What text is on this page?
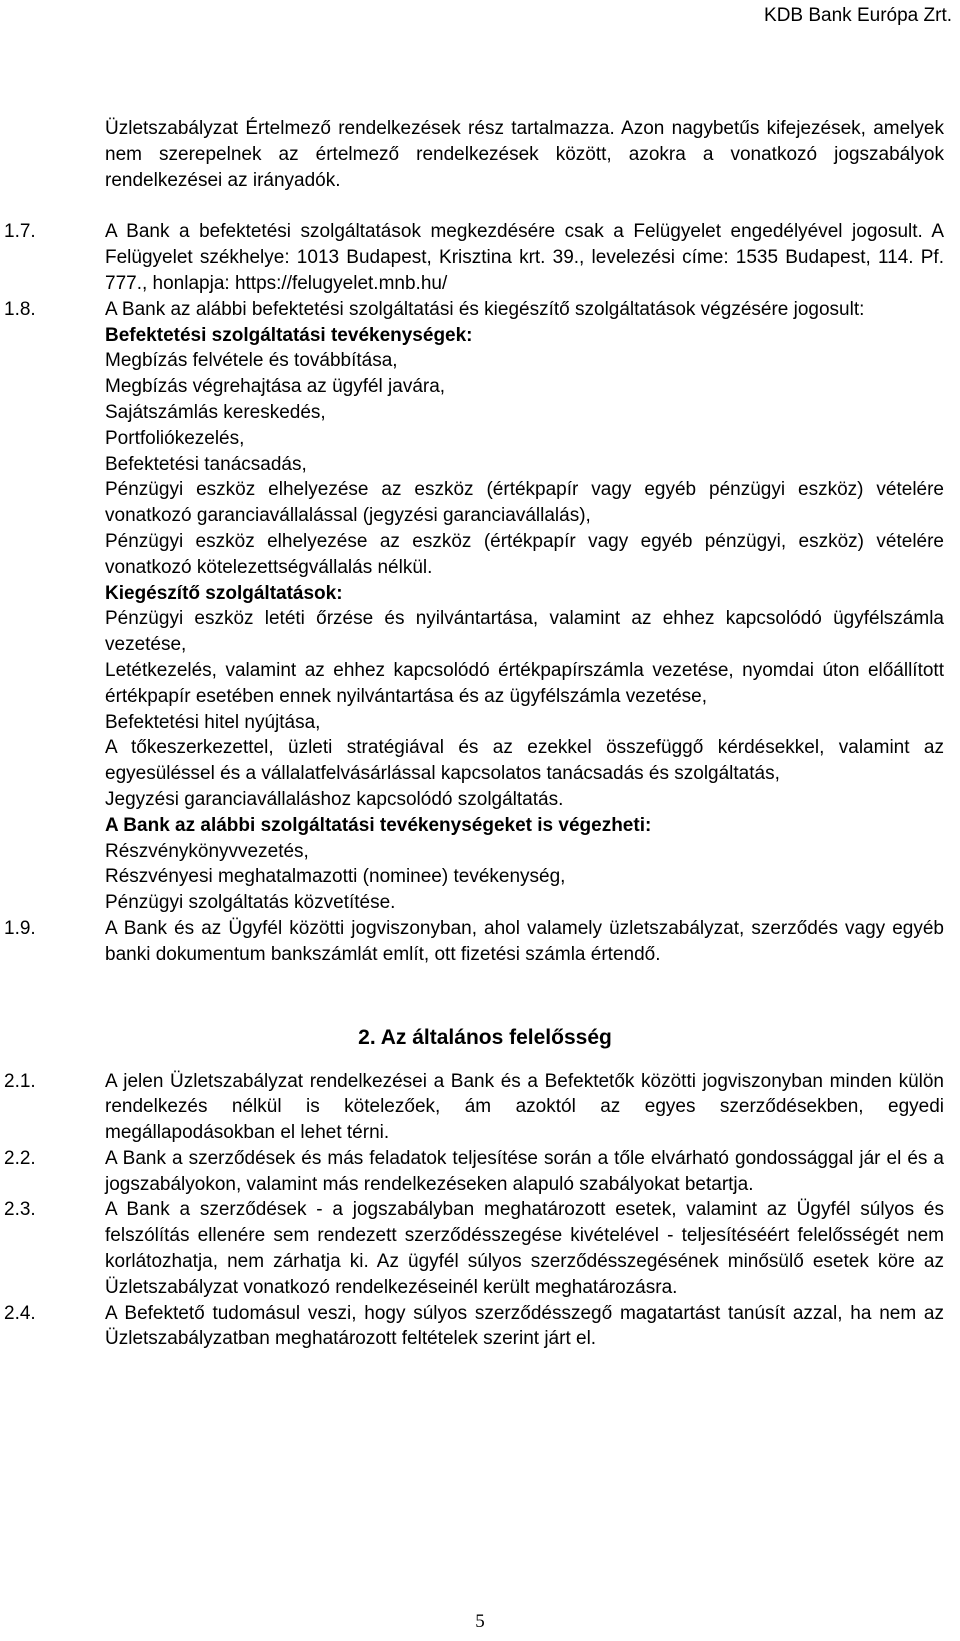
KDB Bank Európa Zrt.
Üzletszabályzat Értelmező rendelkezések rész tartalmazza. Azon nagybetűs kifejezések, amelyek nem szerepelnek az értelmező rendelkezések között, azokra a vonatkozó jogszabályok rendelkezései az irányadók.
1.7.	A Bank a befektetési szolgáltatások megkezdésére csak a Felügyelet engedélyével jogosult. A Felügyelet székhelye: 1013 Budapest, Krisztina krt. 39., levelezési címe: 1535 Budapest, 114. Pf. 777., honlapja: https://felugyelet.mnb.hu/
1.8.	A Bank az alábbi befektetési szolgáltatási és kiegészítő szolgáltatások végzésére jogosult:
Befektetési szolgáltatási tevékenységek:
Megbízás felvétele és továbbítása,
Megbízás végrehajtása az ügyfél javára,
Sajátszámlás kereskedés,
Portfoliókezelés,
Befektetési tanácsadás,
Pénzügyi eszköz elhelyezése az eszköz (értékpapír vagy egyéb pénzügyi eszköz) vételére vonatkozó garanciavállalással (jegyzési garanciavállalás),
Pénzügyi eszköz elhelyezése az eszköz (értékpapír vagy egyéb pénzügyi, eszköz) vételére vonatkozó kötelezettségvállalás nélkül.
Kiegészítő szolgáltatások:
Pénzügyi eszköz letéti őrzése és nyilvántartása, valamint az ehhez kapcsolódó ügyfélszámla vezetése,
Letétkezelés, valamint az ehhez kapcsolódó értékpapírszámla vezetése, nyomdai úton előállított értékpapír esetében ennek nyilvántartása és az ügyfélszámla vezetése,
Befektetési hitel nyújtása,
A tőkeszerkezettel, üzleti stratégiával és az ezekkel összefüggő kérdésekkel, valamint az egyesüléssel és a vállalatfelvásárlással kapcsolatos tanácsadás és szolgáltatás,
Jegyzési garanciavállaláshoz kapcsolódó szolgáltatás.
A Bank az alábbi szolgáltatási tevékenységeket is végezheti:
Részvénykönyvvezetés,
Részvényesi meghatalmazotti (nominee) tevékenység,
Pénzügyi szolgáltatás közvetítése.
1.9.	A Bank és az Ügyfél közötti jogviszonyban, ahol valamely üzletszabályzat, szerződés vagy egyéb banki dokumentum bankszámlát említ, ott fizetési számla értendő.
2. Az általános felelősség
2.1.	A jelen Üzletszabályzat rendelkezései a Bank és a Befektetők közötti jogviszonyban minden külön rendelkezés nélkül is kötelezőek, ám azoktól az egyes szerződésekben, egyedi megállapodásokban el lehet térni.
2.2.	A Bank a szerződések és más feladatok teljesítése során a tőle elvárható gondossággal jár el és a jogszabályokon, valamint más rendelkezéseken alapuló szabályokat betartja.
2.3.	A Bank a szerződések - a jogszabályban meghatározott esetek, valamint az Ügyfél súlyos és felszólítás ellenére sem rendezett szerződésszegése kivételével - teljesítéséért felelősségét nem korlátozhatja, nem zárhatja ki. Az ügyfél súlyos szerződésszegésének minősülő esetek köre az Üzletszabályzat vonatkozó rendelkezéseinél került meghatározásra.
2.4.	A Befektető tudomásul veszi, hogy súlyos szerződésszegő magatartást tanúsít azzal, ha nem az Üzletszabályzatban meghatározott feltételek szerint járt el.
5
